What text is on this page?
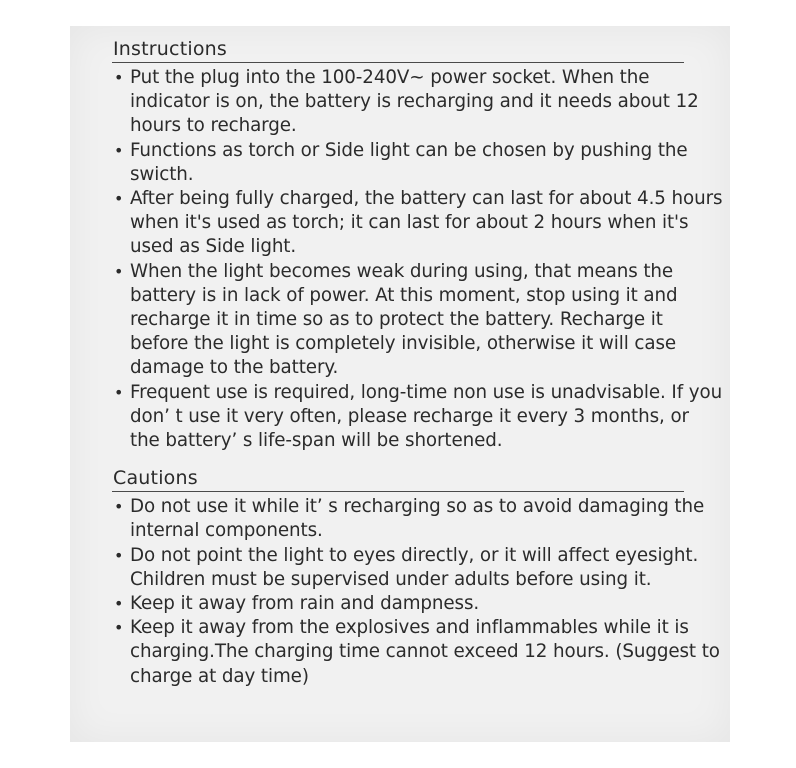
Instructions
• Put the plug into the 100-240V~ power socket. When the indicator is on, the battery is recharging and it needs about 12 hours to recharge.
• Functions as torch or Side light can be chosen by pushing the swicth.
• After being fully charged, the battery can last for about 4.5 hours when it's used as torch; it can last for about 2 hours when it's used as Side light.
• When the light becomes weak during using, that means the battery is in lack of power. At this moment, stop using it and recharge it in time so as to protect the battery. Recharge it before the light is completely invisible, otherwise it will case damage to the battery.
• Frequent use is required, long-time non use is unadvisable. If you don’ t use it very often, please recharge it every 3 months, or the battery’ s life-span will be shortened.
Cautions
• Do not use it while it’ s recharging so as to avoid damaging the internal components.
• Do not point the light to eyes directly, or it will affect eyesight. Children must be supervised under adults before using it.
• Keep it away from rain and dampness.
• Keep it away from the explosives and inflammables while it is charging.The charging time cannot exceed 12 hours. (Suggest to charge at day time)
